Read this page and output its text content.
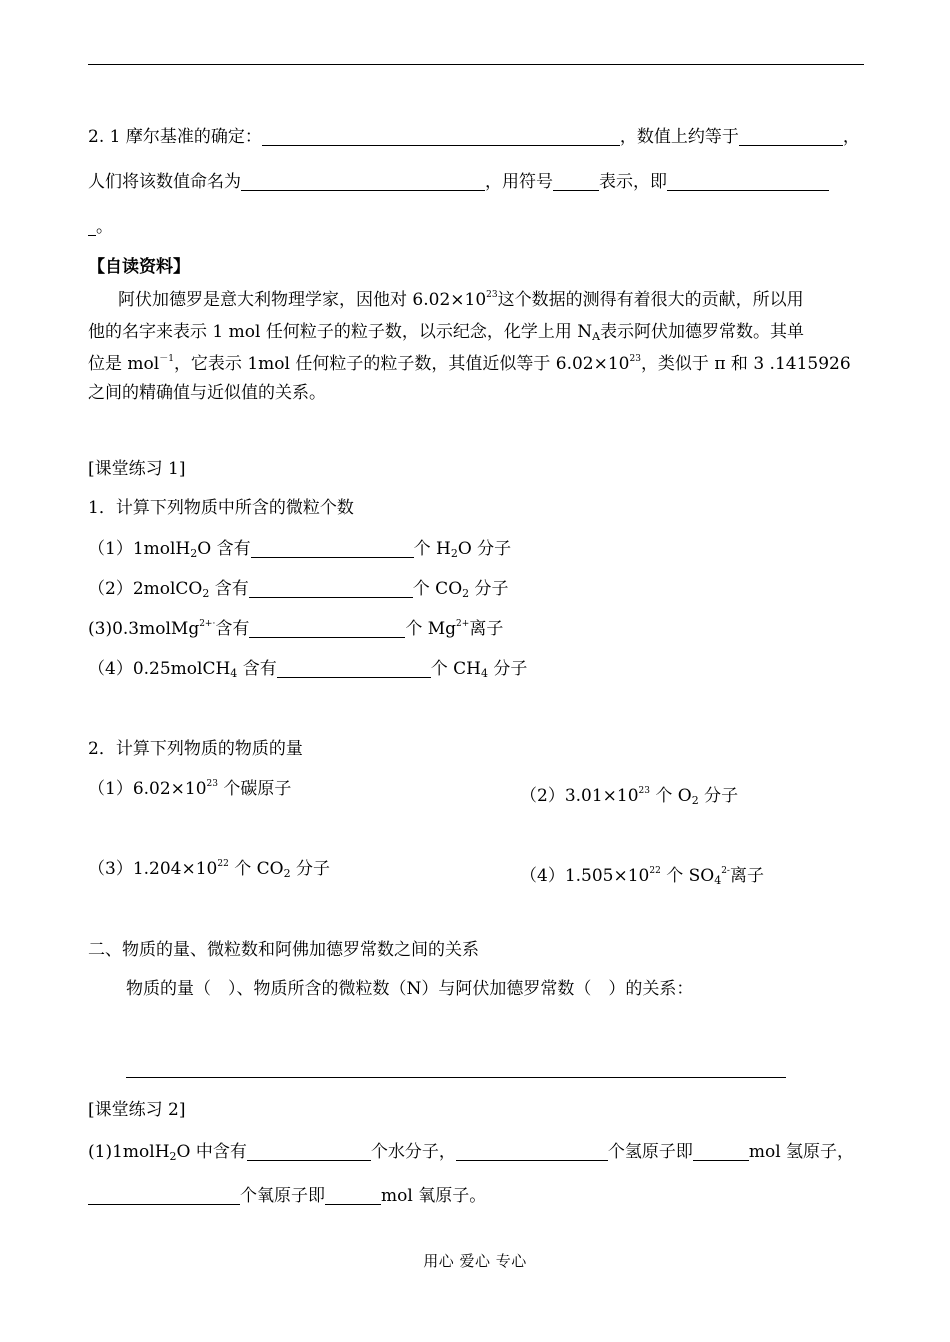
2. 1 摩尔基准的确定：	，数值上约等于	，
人们将该数值命名为	，用符号	表示，即
。
【自读资料】
阿伏加德罗是意大利物理学家，因他对 $6.02\times 10^{23}$这个数据的测得有着很大的贡献，所以用
他的名字来表示 1 mol 任何粒子的粒子数，以示纪念，化学上用 $N_A$表示阿伏加德罗常数。其单
位是 mol$^{-1}$，它表示 1mol 任何粒子的粒子数，其值近似等于 $6.02\times 10^{23}$，类似于 π 和 3 .1415926
之间的精确值与近似值的关系。
[课堂练习 1]
1．计算下列物质中所含的微粒个数
（1）1molH$_2$O 含有	个 $H_2O$ 分子
（2）2molCO$_2$ 含有	个 $CO_2$ 分子
(3)0.3molMg$^{2+\cdot}$含有	个 $Mg^{2+}$离子
（4）0.25molCH$_4$ 含有	个 $CH_4$ 分子
2．计算下列物质的物质的量
$(1)6.02\times 10^{23}$ 个碳原子	$(2)3.01\times 10^{23}$ 个 $O_2$ 分子
$(3)1.204\times 10^{22}$ 个 $CO_2$ 分子	$(4)1.505\times 10^{22}$ 个 $SO_4^{2-}$离子
二、物质的量、微粒数和阿佛加德罗常数之间的关系
物质的量（　）、物质所含的微粒数（N）与阿伏加德罗常数（　）的关系：
[课堂练习 2]
(1)1molH$_2$O 中含有	个水分子，	个氢原子即	mol 氢原子，
个氧原子即	mol 氧原子。
用心 爱心 专心
